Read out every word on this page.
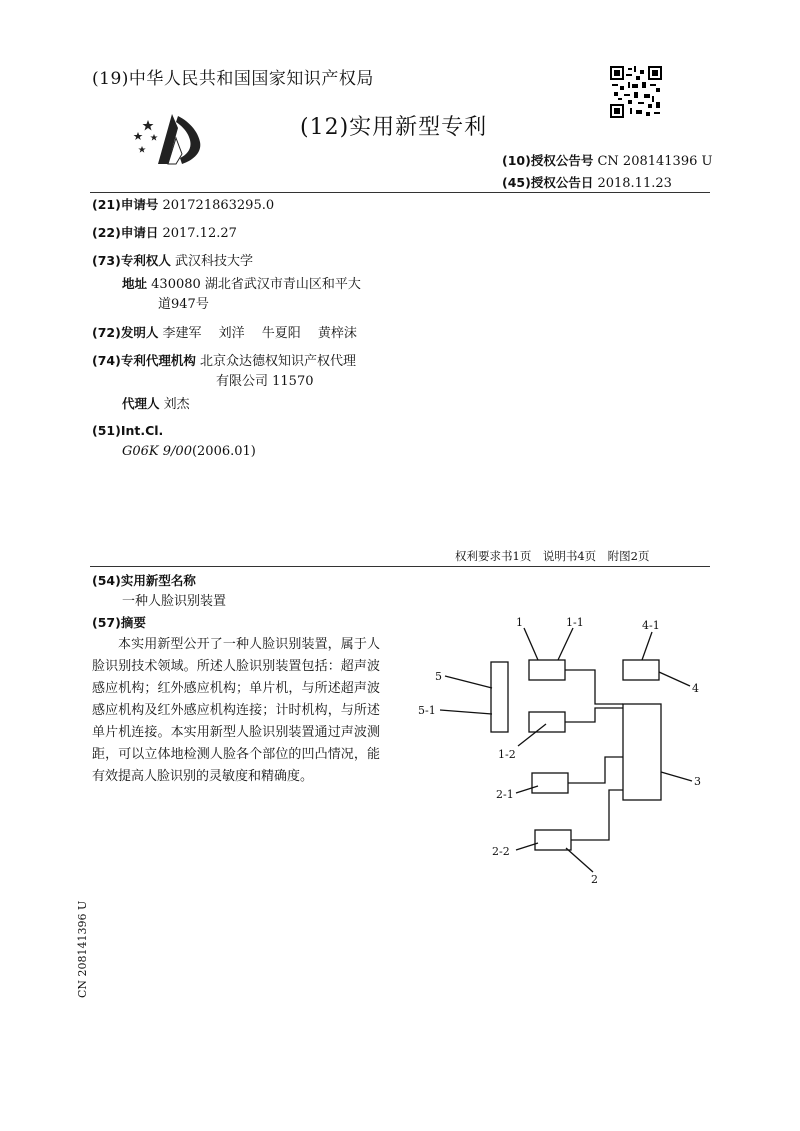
(19)中华人民共和国国家知识产权局
(12)实用新型专利
(10)授权公告号 CN 208141396 U
(45)授权公告日 2018.11.23
(21)申请号 201721863295.0
(22)申请日 2017.12.27
(73)专利权人 武汉科技大学
地址 430080 湖北省武汉市青山区和平大
道947号
(72)发明人 李建军　 刘洋　 牛夏阳　 黄梓沫
(74)专利代理机构 北京众达德权知识产权代理
有限公司 11570
代理人 刘杰
(51)Int.Cl.
G06K 9/00(2006.01)
权利要求书1页　说明书4页　附图2页
(54)实用新型名称
一种人脸识别装置
(57)摘要

本实用新型公开了一种人脸识别装置，属于人脸识别技术领域。所述人脸识别装置包括：超声波感应机构；红外感应机构；单片机，与所述超声波感应机构及红外感应机构连接；计时机构，与所述单片机连接。本实用新型人脸识别装置通过声波测距，可以立体地检测人脸各个部位的凹凸情况，能有效提高人脸识别的灵敏度和精确度。

1	1-1	4-1
5
4
5-1
1-2
3
2-1
2-2
2
CN 208141396 U
